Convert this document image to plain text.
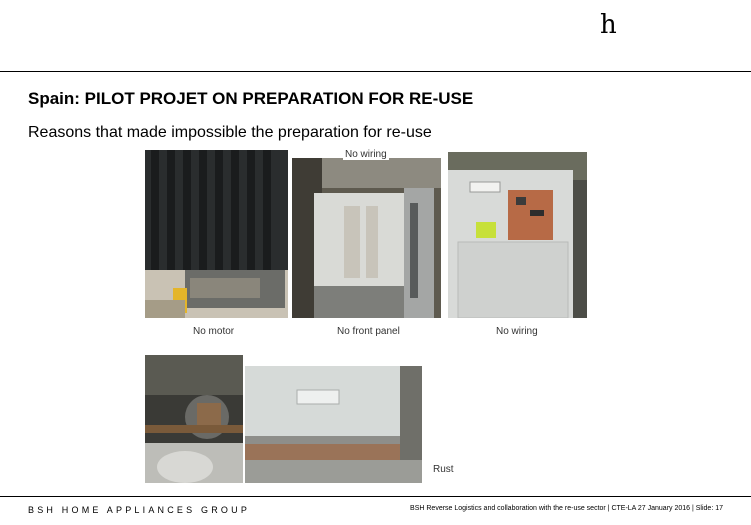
h
Spain: PILOT PROJET ON PREPARATION FOR RE-USE
Reasons that made impossible the preparation for re-use
No motor
No wiring
No front panel	No wiring
Rust
BSH HOME APPLIANCES GROUP	BSH Reverse Logistics and collaboration with the re-use sector | CTE-LA 27 January 2016 | Slide: 17
